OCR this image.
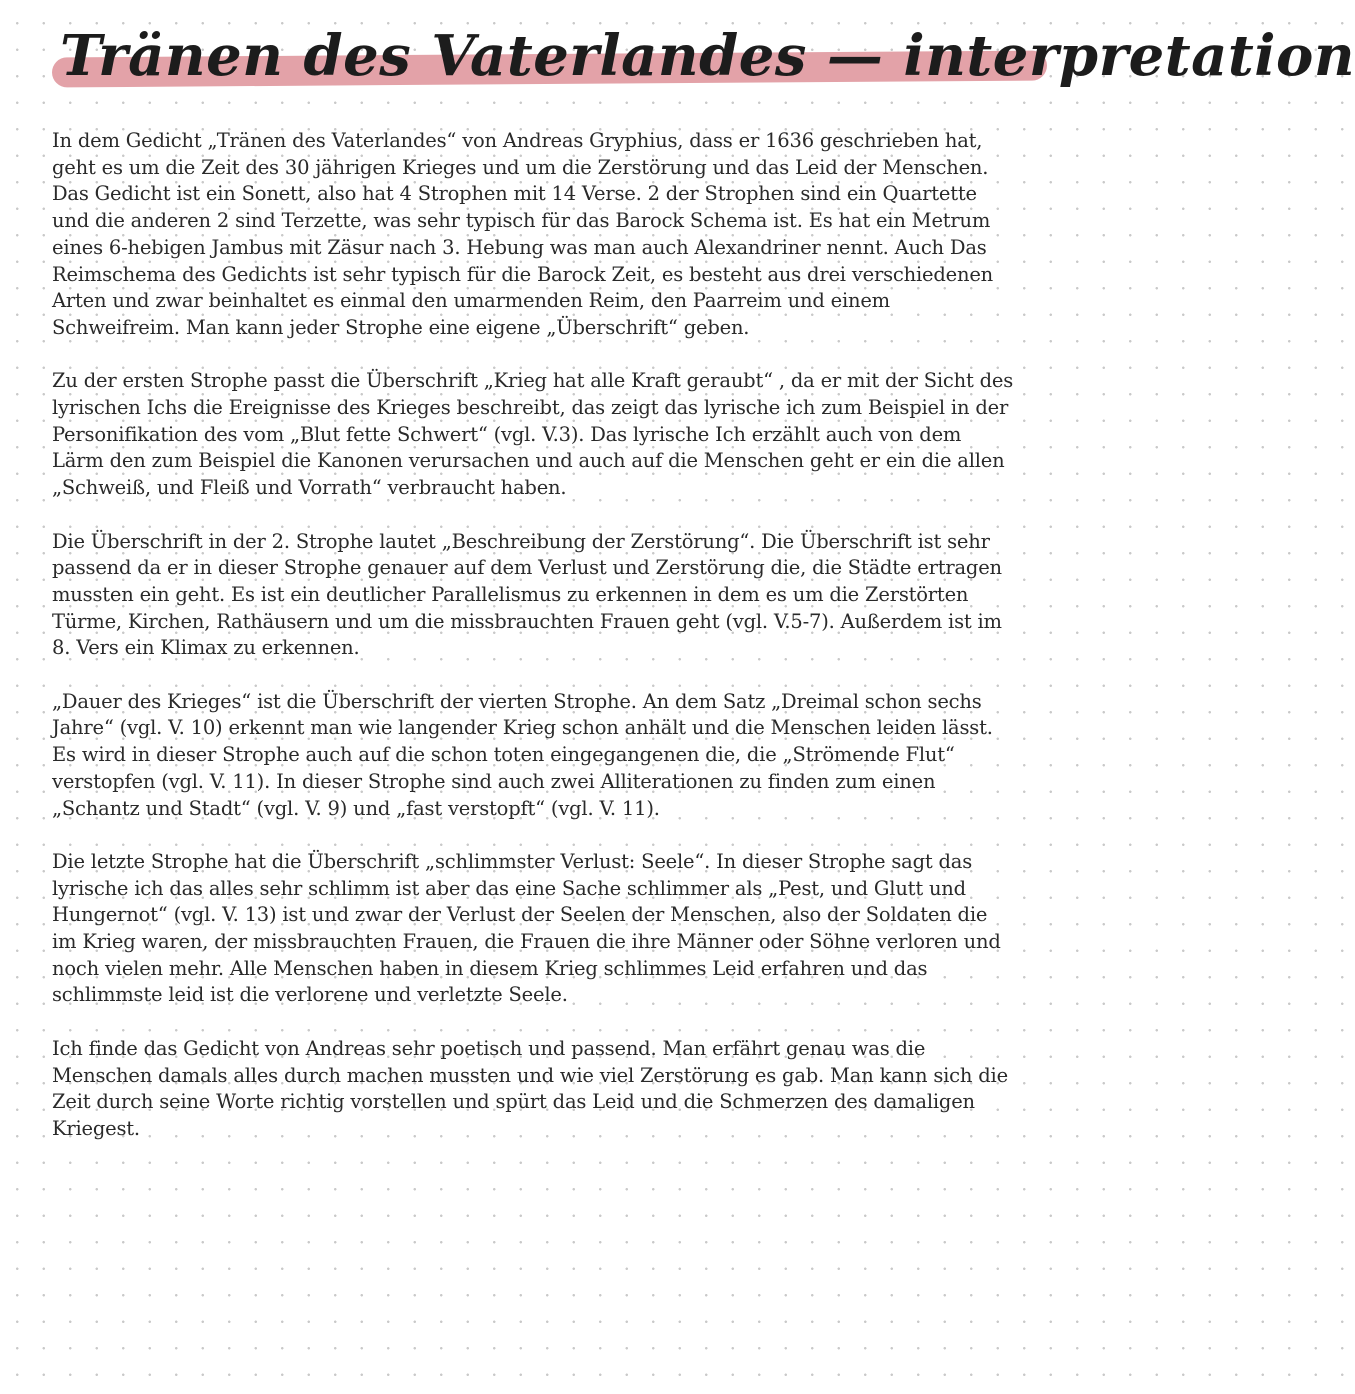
Tränen des Vaterlandes — interpretation
In dem Gedicht „Tränen des Vaterlandes“ von Andreas Gryphius, dass er 1636 geschrieben hat, geht es um die Zeit des 30 jährigen Krieges und um die Zerstörung und das Leid der Menschen.
Das Gedicht ist ein Sonett, also hat 4 Strophen mit 14 Verse. 2 der Strophen sind ein Quartette und die anderen 2 sind Terzette, was sehr typisch für das Barock Schema ist. Es hat ein Metrum eines 6-hebigen Jambus mit Zäsur nach 3. Hebung was man auch Alexandriner nennt. Auch Das Reimschema des Gedichts ist sehr typisch für die Barock Zeit, es besteht aus drei verschiedenen Arten und zwar beinhaltet es einmal den umarmenden Reim, den Paarreim und einem Schweifreim. Man kann jeder Strophe eine eigene „Überschrift“ geben.

Zu der ersten Strophe passt die Überschrift „Krieg hat alle Kraft geraubt“ , da er mit der Sicht des lyrischen Ichs die Ereignisse des Krieges beschreibt, das zeigt das lyrische ich zum Beispiel in der Personifikation des vom „Blut fette Schwert“ (vgl. V.3). Das lyrische Ich erzählt auch von dem Lärm den zum Beispiel die Kanonen verursachen und auch auf die Menschen geht er ein die allen „Schweiß, und Fleiß und Vorrath“ verbraucht haben.

Die Überschrift in der 2. Strophe lautet „Beschreibung der Zerstörung“. Die Überschrift ist sehr passend da er in dieser Strophe genauer auf dem Verlust und Zerstörung die, die Städte ertragen mussten ein geht. Es ist ein deutlicher Parallelismus zu erkennen in dem es um die Zerstörten Türme, Kirchen, Rathäusern und um die missbrauchten Frauen geht (vgl. V.5-7). Außerdem ist im 8. Vers ein Klimax zu erkennen.

„Dauer des Krieges“ ist die Überschrift der vierten Strophe. An dem Satz „Dreimal schon sechs Jahre“ (vgl. V. 10) erkennt man wie langender Krieg schon anhält und die Menschen leiden lässt. Es wird in dieser Strophe auch auf die schon toten eingegangenen die, die „Strömende Flut“ verstopfen (vgl. V. 11). In dieser Strophe sind auch zwei Alliterationen zu finden zum einen „Schantz und Stadt“ (vgl. V. 9) und „fast verstopft“ (vgl. V. 11).

Die letzte Strophe hat die Überschrift „schlimmster Verlust: Seele“. In dieser Strophe sagt das lyrische ich das alles sehr schlimm ist aber das eine Sache schlimmer als „Pest, und Glutt und Hungernot“ (vgl. V. 13) ist und zwar der Verlust der Seelen der Menschen, also der Soldaten die im Krieg waren, der missbrauchten Frauen, die Frauen die ihre Männer oder Söhne verloren und noch vielen mehr. Alle Menschen haben in diesem Krieg schlimmes Leid erfahren und das schlimmste leid ist die verlorene und verletzte Seele.

Ich finde das Gedicht von Andreas sehr poetisch und passend. Man erfährt genau was die Menschen damals alles durch machen mussten und wie viel Zerstörung es gab. Man kann sich die Zeit durch seine Worte richtig vorstellen und spürt das Leid und die Schmerzen des damaligen Kriegest.
